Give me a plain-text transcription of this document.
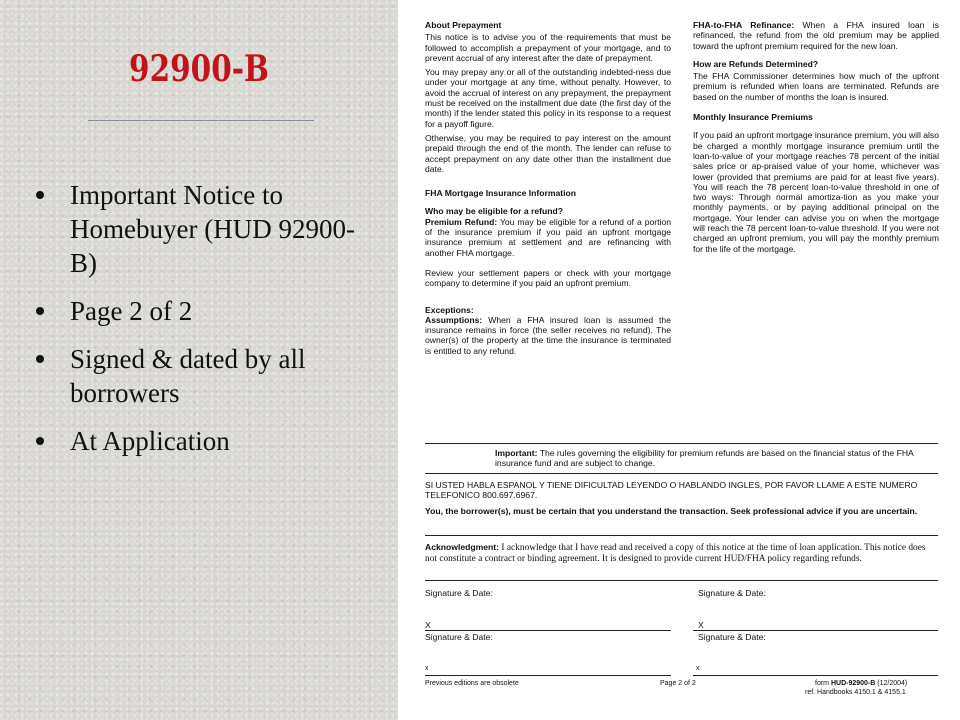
92900-B
Important Notice to Homebuyer (HUD 92900-B)
Page 2 of 2
Signed & dated by all borrowers
At Application
About Prepayment
This notice is to advise you of the requirements that must be followed to accomplish a prepayment of your mortgage, and to prevent accrual of any interest after the date of prepayment.
You may prepay any or all of the outstanding indebted-ness due under your mortgage at any time, without penalty. However, to avoid the accrual of interest on any prepayment, the prepayment must be received on the installment due date (the first day of the month) if the lender stated this policy in its response to a request for a payoff figure.
Otherwise, you may be required to pay interest on the amount prepaid through the end of the month. The lender can refuse to accept prepayment on any date other than the installment due date.
FHA Mortgage Insurance Information
Who may be eligible for a refund?
Premium Refund: You may be eligible for a refund of a portion of the insurance premium if you paid an upfront mortgage insurance premium at settlement and are refinancing with another FHA mortgage.
Review your settlement papers or check with your mortgage company to determine if you paid an upfront premium.
Exceptions:
Assumptions: When a FHA insured loan is assumed the insurance remains in force (the seller receives no refund). The owner(s) of the property at the time the insurance is terminated is entitled to any refund.
FHA-to-FHA Refinance: When a FHA insured loan is refinanced, the refund from the old premium may be applied toward the upfront premium required for the new loan.
How are Refunds Determined?
The FHA Commissioner determines how much of the upfront premium is refunded when loans are terminated. Refunds are based on the number of months the loan is insured.
Monthly Insurance Premiums
If you paid an upfront mortgage insurance premium, you will also be charged a monthly mortgage insurance premium until the loan-to-value of your mortgage reaches 78 percent of the initial sales price or ap-praised value of your home, whichever was lower (provided that premiums are paid for at least five years). You will reach the 78 percent loan-to-value threshold in one of two ways: Through normal amortiza-tion as you make your monthly payments, or by paying additional principal on the mortgage. Your lender can advise you on when the mortgage will reach the 78 percent loan-to-value threshold. If you were not charged an upfront premium, you will pay the monthly premium for the life of the mortgage.
Important: The rules governing the eligibility for premium refunds are based on the financial status of the FHA insurance fund and are subject to change.
SI USTED HABLA ESPANOL Y TIENE DIFICULTAD LEYENDO O HABLANDO INGLES, POR FAVOR LLAME A ESTE NUMERO TELEFONICO 800.697.6967.
You, the borrower(s), must be certain that you understand the transaction. Seek professional advice if you are uncertain.
Acknowledgment: I acknowledge that I have read and received a copy of this notice at the time of loan application. This notice does not constitute a contract or binding agreement. It is designed to provide current HUD/FHA policy regarding refunds.
Signature & Date:	Signature & Date:
X	X
Signature & Date:	Signature & Date:
x	x
Previous editions are obsolete	Page 2 of 2	form HUD-92900-B (12/2004)
ref. Handbooks 4150.1 & 4155.1
